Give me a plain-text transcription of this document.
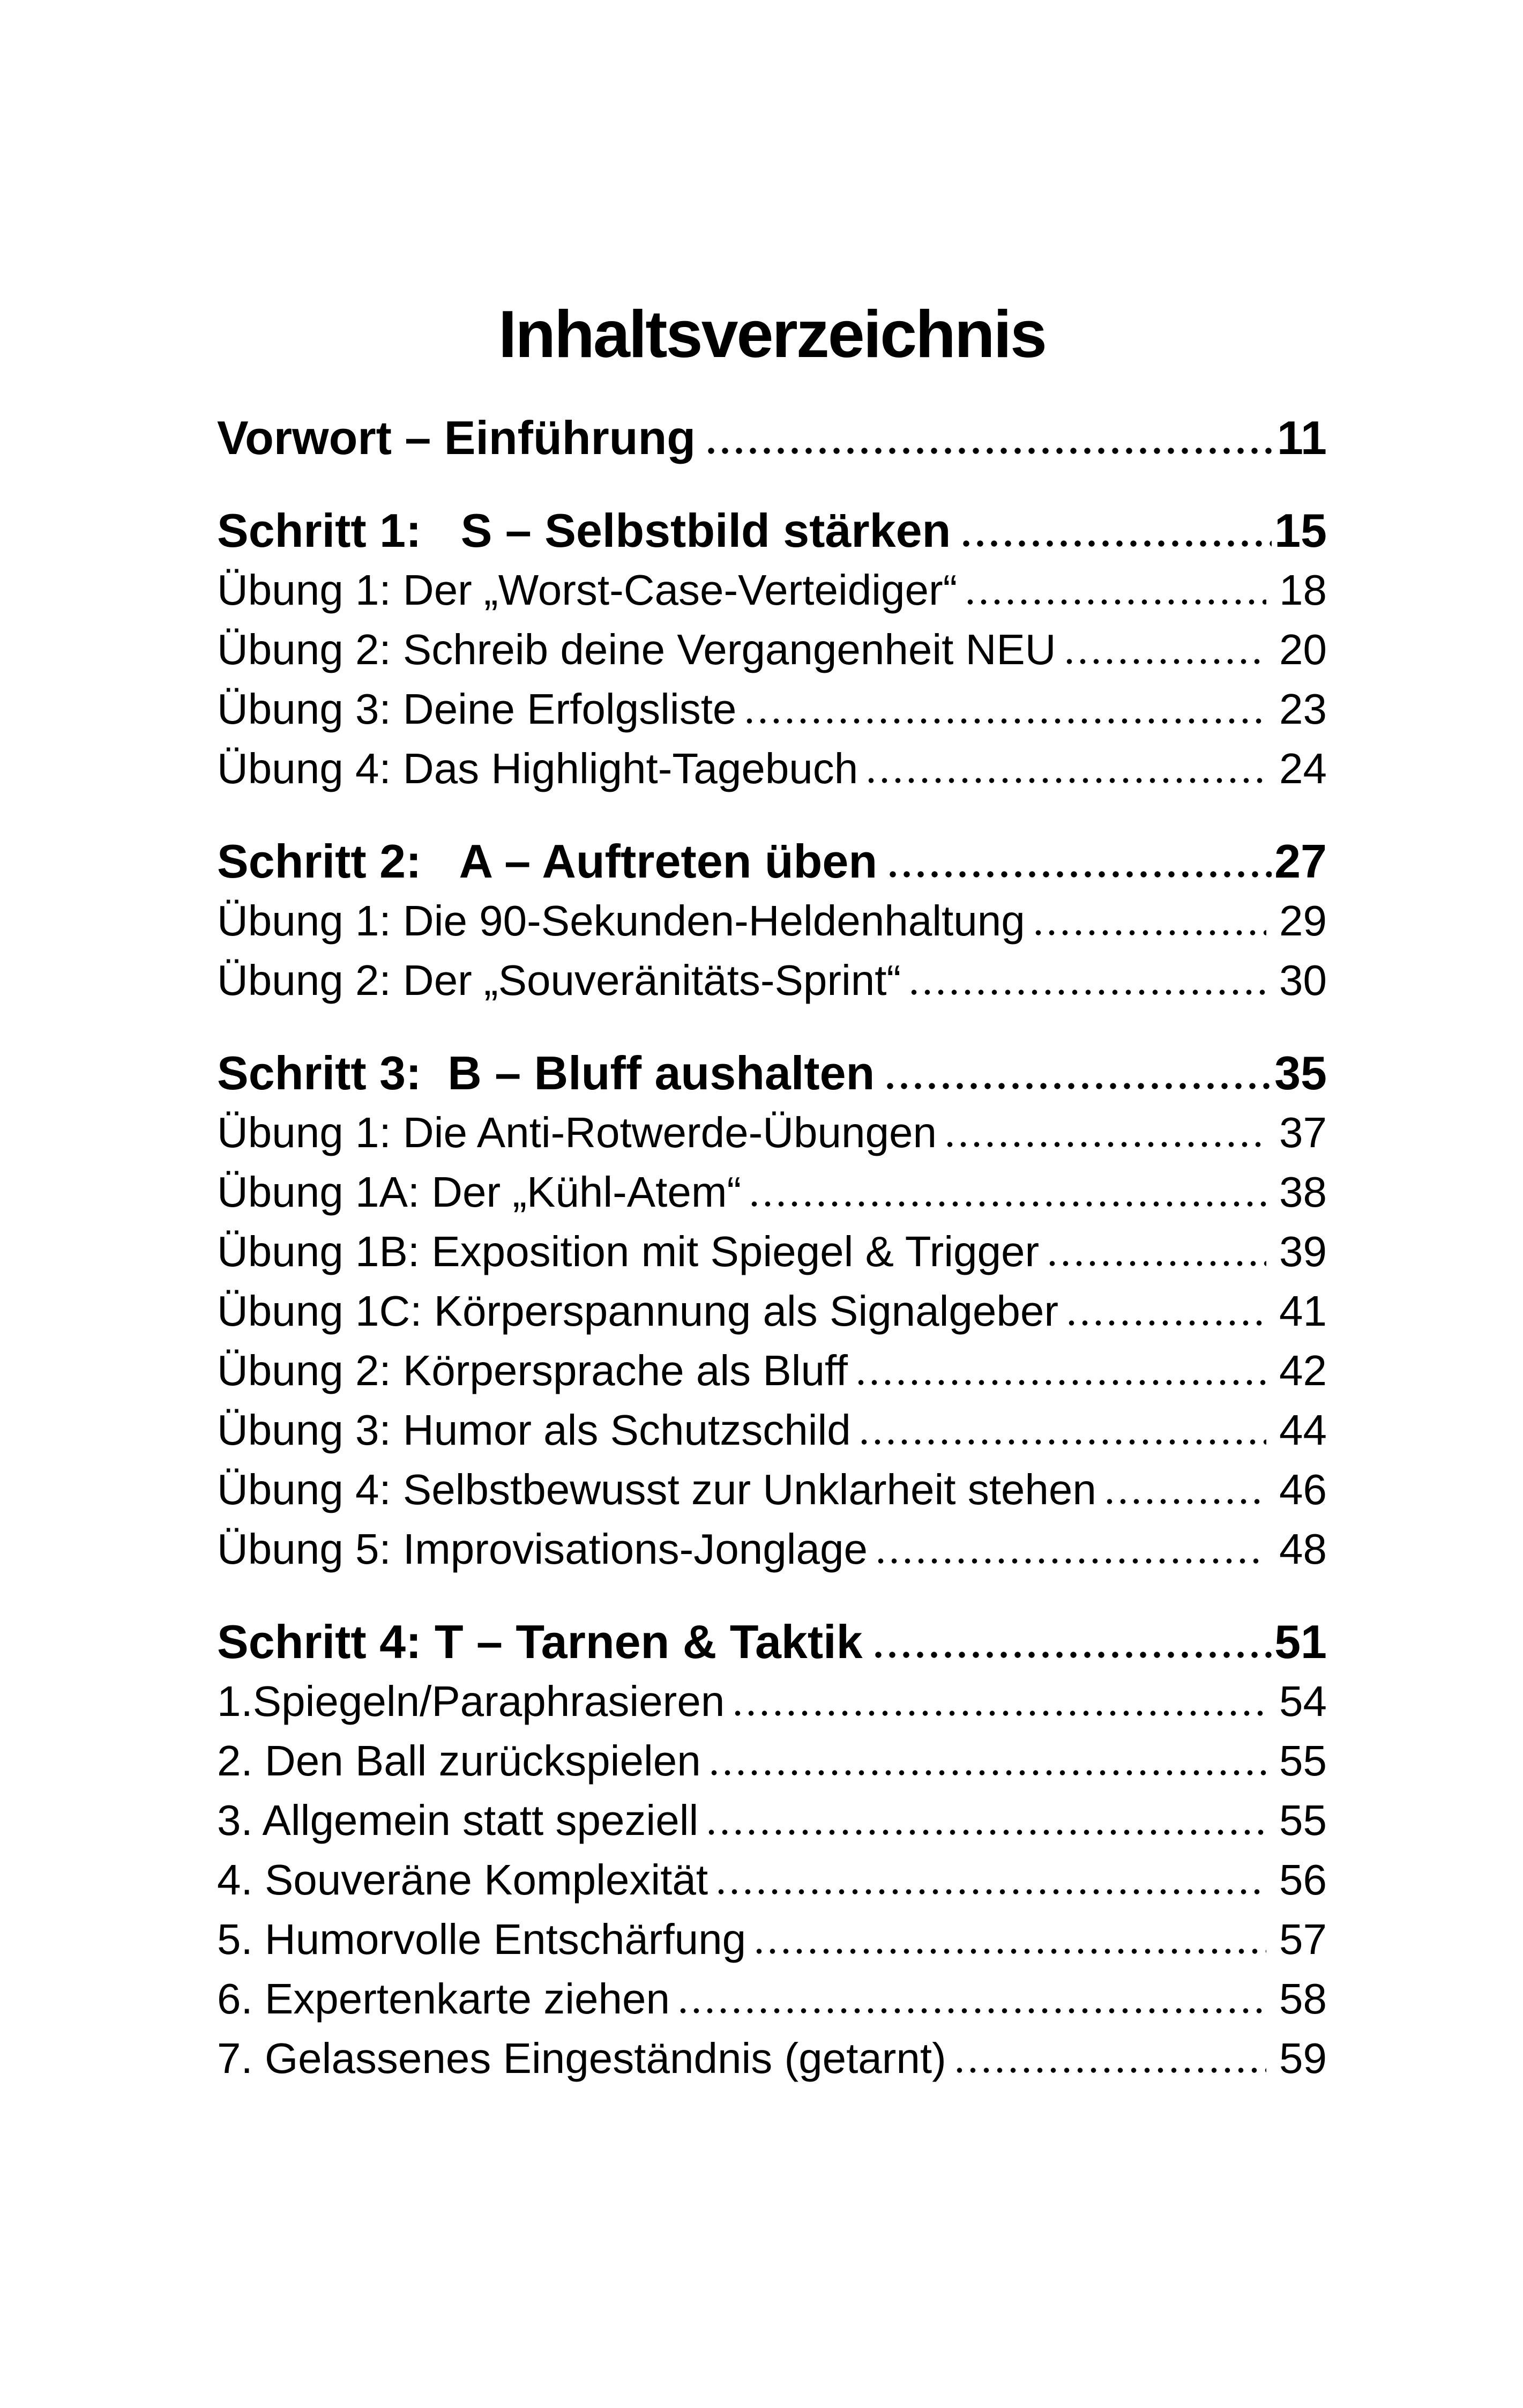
Inhaltsverzeichnis
Vorwort – Einführung	11
Schritt 1:   S – Selbstbild stärken	15
Übung 1: Der „Worst-Case-Verteidiger“	18
Übung 2: Schreib deine Vergangenheit NEU	20
Übung 3: Deine Erfolgsliste	23
Übung 4: Das Highlight-Tagebuch	24
Schritt 2:   A – Auftreten üben	27
Übung 1: Die 90-Sekunden-Heldenhaltung	29
Übung 2: Der „Souveränitäts-Sprint“	30
Schritt 3:  B – Bluff aushalten	35
Übung 1: Die Anti-Rotwerde-Übungen	37
Übung 1A: Der „Kühl-Atem“	38
Übung 1B: Exposition mit Spiegel & Trigger	39
Übung 1C: Körperspannung als Signalgeber	41
Übung 2: Körpersprache als Bluff	42
Übung 3: Humor als Schutzschild	44
Übung 4: Selbstbewusst zur Unklarheit stehen	46
Übung 5: Improvisations-Jonglage	48
Schritt 4: T – Tarnen & Taktik	51
1.Spiegeln/Paraphrasieren	54
2. Den Ball zurückspielen	55
3. Allgemein statt speziell	55
4. Souveräne Komplexität	56
5. Humorvolle Entschärfung	57
6. Expertenkarte ziehen	58
7. Gelassenes Eingeständnis (getarnt)	59
